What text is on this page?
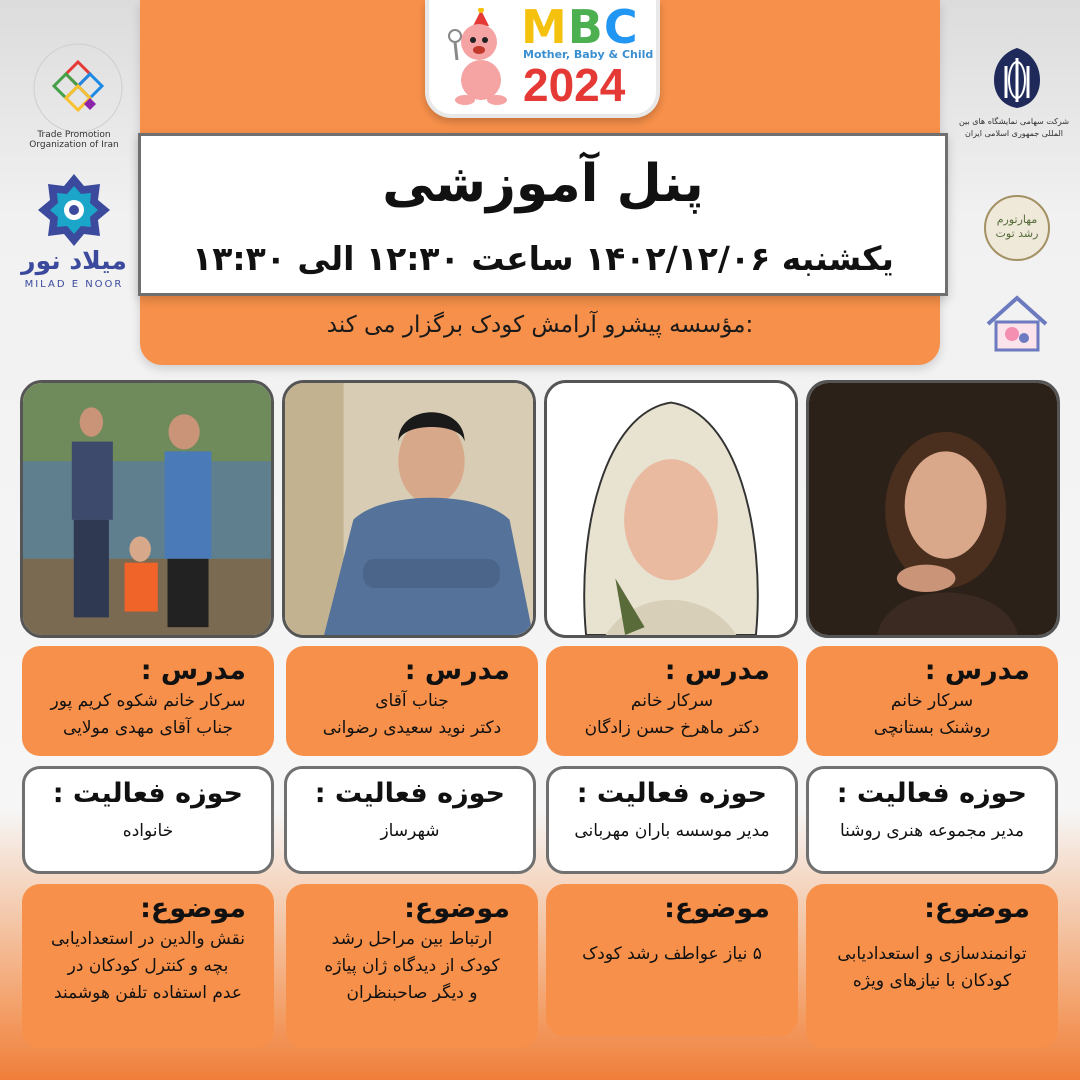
MBC
Mother, Baby & Child
2024
Trade Promotion Organization of Iran
میلاد نور
MILAD E NOOR
شرکت سهامی نمایشگاه های بین المللی جمهوری اسلامی ایران
مهارتورم رشد توت
پنل آموزشی
یکشنبه ۱۴۰۲/۱۲/۰۶ ساعت ۱۲:۳۰ الی ۱۳:۳۰
مؤسسه پیشرو آرامش کودک برگزار می کند:
مدرس :
سرکار خانم
روشنک بستانچی
مدرس :
سرکار خانم
دکتر ماهرخ حسن زادگان
مدرس :
جناب آقای
دکتر نوید سعیدی رضوانی
مدرس :
سرکار خانم شکوه کریم پور
جناب آقای مهدی مولایی
حوزه فعالیت :
مدیر مجموعه هنری روشنا
حوزه فعالیت :
مدیر موسسه باران مهربانی
حوزه فعالیت :
شهرساز
حوزه فعالیت :
خانواده
موضوع:
توانمندسازی و استعدادیابی
کودکان با نیازهای ویژه
موضوع:
۵ نیاز عواطف رشد کودک
موضوع:
ارتباط بین مراحل رشد
کودک از دیدگاه ژان پیاژه
و دیگر صاحبنظران
موضوع:
نقش والدین در استعدادیابی
بچه و کنترل کودکان در
عدم استفاده تلفن هوشمند
